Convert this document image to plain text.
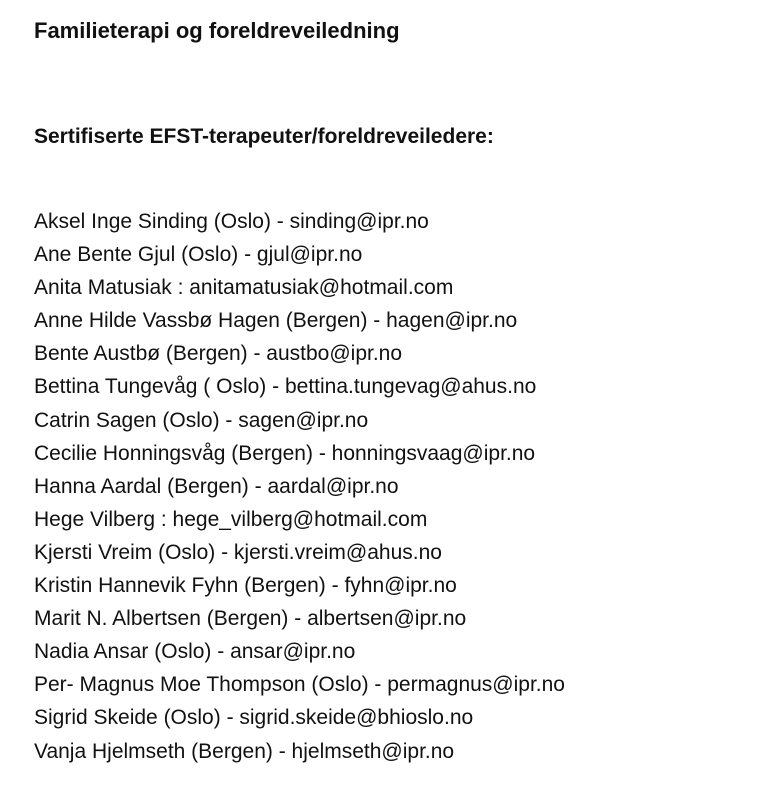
Familieterapi og foreldreveiledning
Sertifiserte EFST-terapeuter/foreldreveiledere:
Aksel Inge Sinding (Oslo) - sinding@ipr.no
Ane Bente Gjul (Oslo) - gjul@ipr.no
Anita Matusiak : anitamatusiak@hotmail.com
Anne Hilde Vassbø Hagen (Bergen) - hagen@ipr.no
Bente Austbø (Bergen) - austbo@ipr.no
Bettina Tungevåg ( Oslo) - bettina.tungevag@ahus.no
Catrin Sagen (Oslo) - sagen@ipr.no
Cecilie Honningsvåg (Bergen) - honningsvaag@ipr.no
Hanna Aardal (Bergen) - aardal@ipr.no
Hege Vilberg : hege_vilberg@hotmail.com
Kjersti Vreim (Oslo) - kjersti.vreim@ahus.no
Kristin Hannevik Fyhn (Bergen) - fyhn@ipr.no
Marit N. Albertsen (Bergen) - albertsen@ipr.no
Nadia Ansar (Oslo) - ansar@ipr.no
Per- Magnus Moe Thompson (Oslo) - permagnus@ipr.no
Sigrid Skeide (Oslo) - sigrid.skeide@bhioslo.no
Vanja Hjelmseth (Bergen) - hjelmseth@ipr.no
